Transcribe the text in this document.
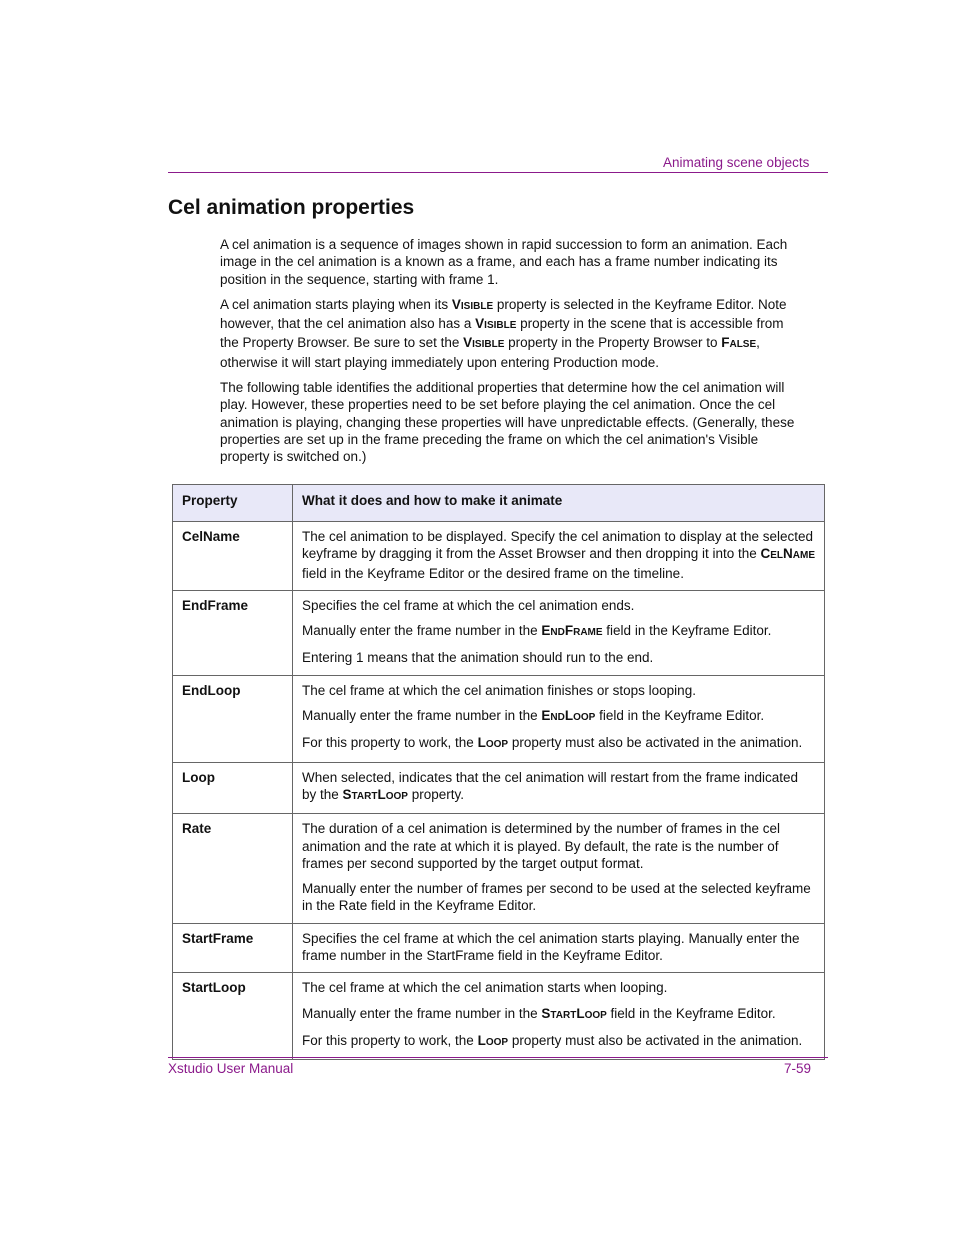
Animating scene objects
Cel animation properties

A cel animation is a sequence of images shown in rapid succession to form an animation. Each image in the cel animation is a known as a frame, and each has a frame number indicating its position in the sequence, starting with frame 1.

A cel animation starts playing when its VISIBLE property is selected in the Keyframe Editor. Note however, that the cel animation also has a VISIBLE property in the scene that is accessible from the Property Browser. Be sure to set the VISIBLE property in the Property Browser to FALSE, otherwise it will start playing immediately upon entering Production mode.

The following table identifies the additional properties that determine how the cel animation will play. However, these properties need to be set before playing the cel animation. Once the cel animation is playing, changing these properties will have unpredictable effects. (Generally, these properties are set up in the frame preceding the frame on which the cel animation's Visible property is switched on.)

Property	What it does and how to make it animate
CelName	The cel animation to be displayed. Specify the cel animation to display at the selected keyframe by dragging it from the Asset Browser and then dropping it into the CELNAME field in the Keyframe Editor or the desired frame on the timeline.

EndFrame	Specifies the cel frame at which the cel animation ends.
Manually enter the frame number in the ENDFRAME field in the Keyframe Editor.
Entering 1 means that the animation should run to the end.

EndLoop	The cel frame at which the cel animation finishes or stops looping.
Manually enter the frame number in the ENDLOOP field in the Keyframe Editor.
For this property to work, the LOOP property must also be activated in the animation.

Loop	When selected, indicates that the cel animation will restart from the frame indicated by the STARTLOOP property.

Rate	The duration of a cel animation is determined by the number of frames in the cel animation and the rate at which it is played. By default, the rate is the number of frames per second supported by the target output format.
Manually enter the number of frames per second to be used at the selected keyframe in the Rate field in the Keyframe Editor.

StartFrame	Specifies the cel frame at which the cel animation starts playing. Manually enter the frame number in the StartFrame field in the Keyframe Editor.

StartLoop	The cel frame at which the cel animation starts when looping.
Manually enter the frame number in the STARTLOOP field in the Keyframe Editor.
For this property to work, the LOOP property must also be activated in the animation.
Xstudio User Manual	7-59
